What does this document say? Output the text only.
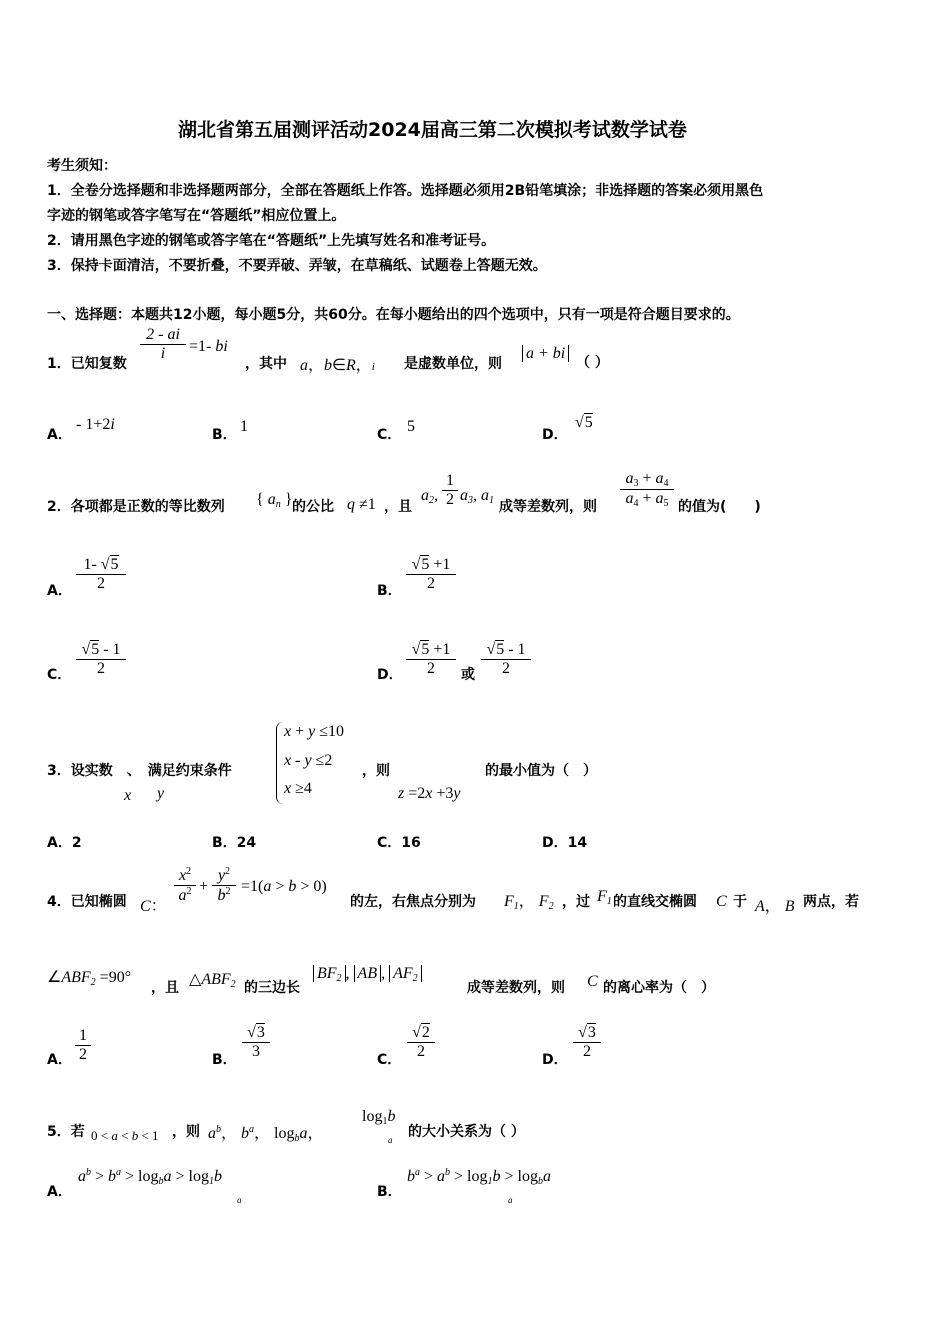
湖北省第五届测评活动2024届高三第二次模拟考试数学试卷
考生须知：
1．全卷分选择题和非选择题两部分，全部在答题纸上作答。选择题必须用2B铅笔填涂；非选择题的答案必须用黑色
字迹的钢笔或答字笔写在“答题纸”相应位置上。
2．请用黑色字迹的钢笔或答字笔在“答题纸”上先填写姓名和准考证号。
3．保持卡面清洁，不要折叠，不要弄破、弄皱，在草稿纸、试题卷上答题无效。
一、选择题：本题共12小题，每小题5分，共60分。在每小题给出的四个选项中，只有一项是符合题目要求的。
1．已知复数
2 - ai
i	=1- bi
，其中 a，b∈R，i 是虚数单位，则
a + bi
（ ）
A．
- 1+2i
B． 1	C． 5	D．
√5
2．各项都是正数的等比数列 { $a_n$ } 的公比 q ≠1 ，且
$a_2$,
1
2 $a_3$, $a_1$ 成等差数列，则
$a_3 + a_4$
$a_4 + a_5$ 的值为(　　)
A．
1- √5
2	B．
√5 +1
2
C．
√5 - 1
2	D．
√5 +1
2	或
√5 - 1
2
3．设实数　、　满足约束条件
x y
x + y ≤10
x - y ≤2
x ≥4
，则
z =2x +3y
的最小值为（　）
A．2	B．24	C．16	D．14
4．已知椭圆 C：
$x^2$
$a^2$ +
$y^2$
$b^2 =1(a > b > 0)$
的左，右焦点分别为 $F_1$， $F_2$ ，过 $F_1$ 的直线交椭圆 C 于 A， B 两点，若
$\angle ABF_2 =90^\circ$
，且 $\triangle ABF_2$ 的三边长
$BF_2$ , AB , $AF_2$
成等差数列，则 C 的离心率为（　）
A．
1
2	B．
√3
3	C．
√2
2	D．
√3
2
5．若 0 < a < b < 1 ，则 $a^b$， $b^a$， $\log_ba$，
$\log_1b$
a 的大小关系为（ ）
A．
$a^b > b^a > \log_ba > \log_1b$
a	B．
$b^a > a^b > \log_1b > \log_ba$
a
